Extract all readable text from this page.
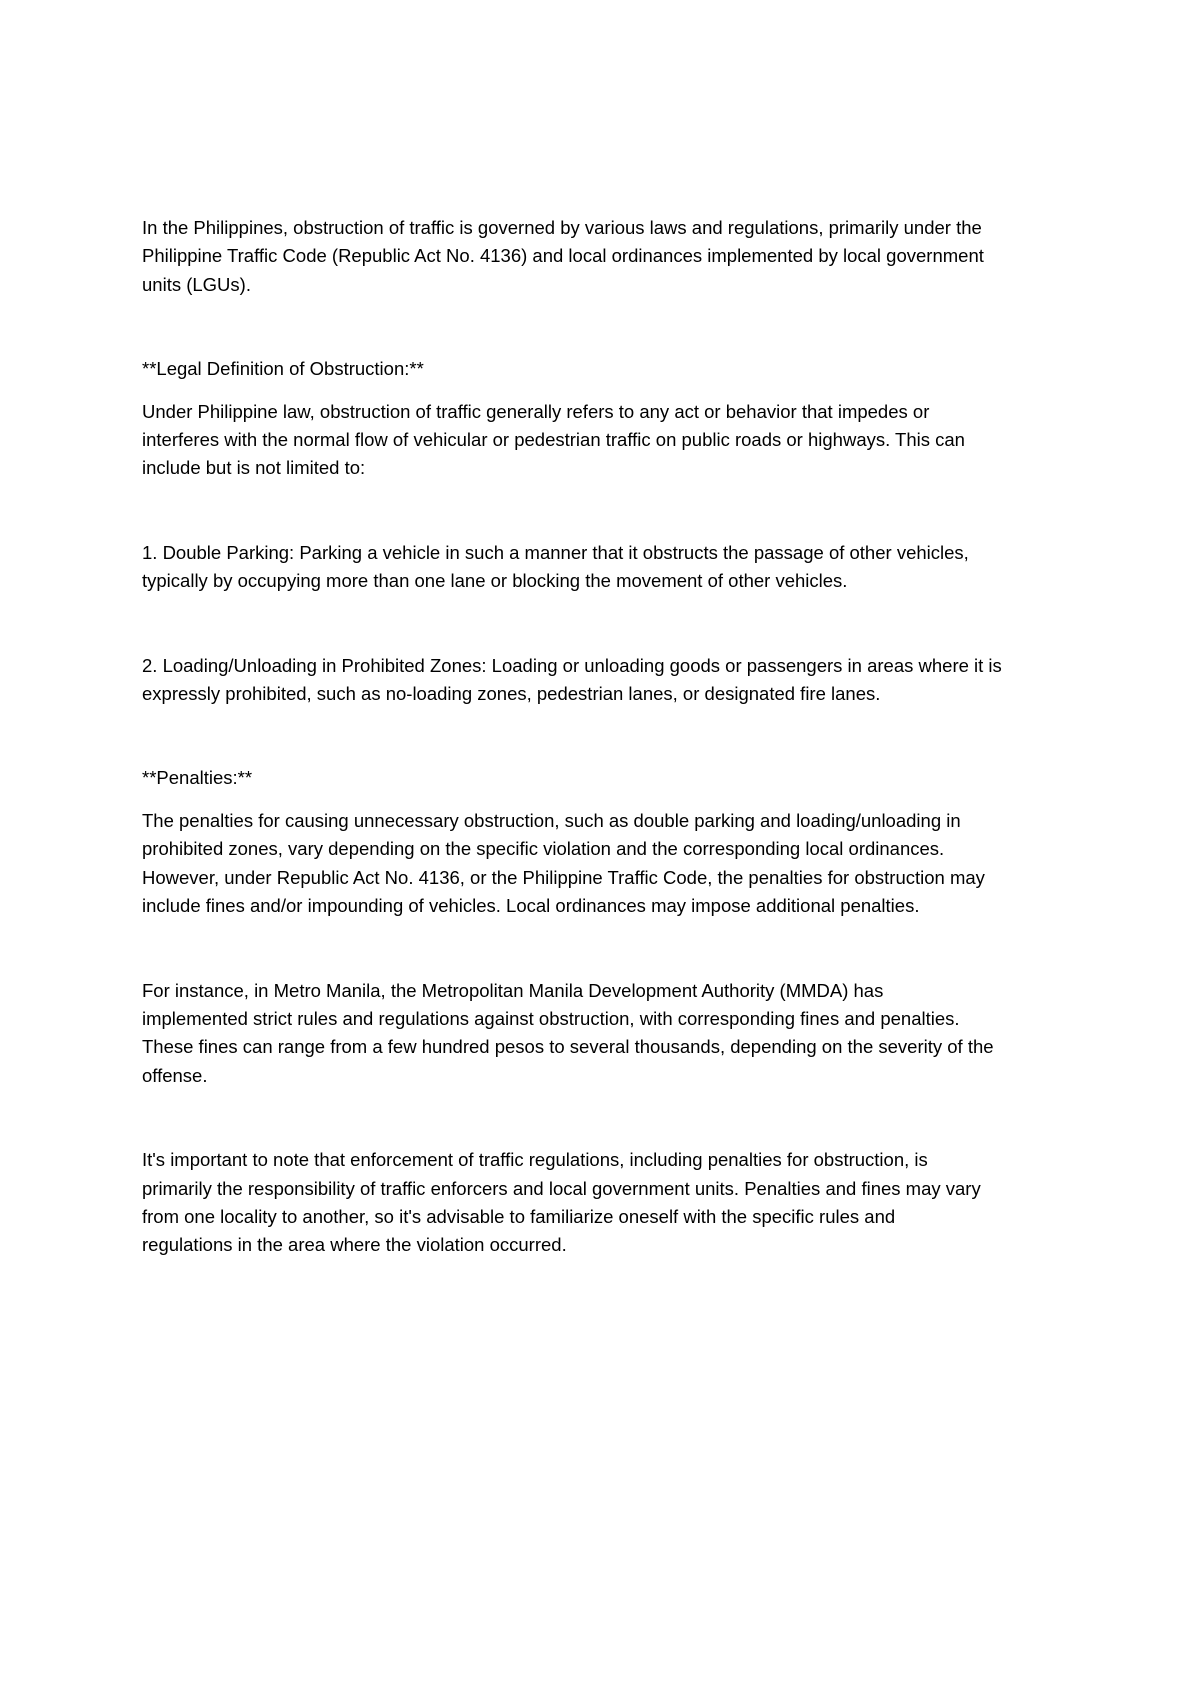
In the Philippines, obstruction of traffic is governed by various laws and regulations, primarily under the
Philippine Traffic Code (Republic Act No. 4136) and local ordinances implemented by local government
units (LGUs).

**Legal Definition of Obstruction:**

Under Philippine law, obstruction of traffic generally refers to any act or behavior that impedes or
interferes with the normal flow of vehicular or pedestrian traffic on public roads or highways. This can
include but is not limited to:

1. Double Parking: Parking a vehicle in such a manner that it obstructs the passage of other vehicles,
typically by occupying more than one lane or blocking the movement of other vehicles.

2. Loading/Unloading in Prohibited Zones: Loading or unloading goods or passengers in areas where it is
expressly prohibited, such as no-loading zones, pedestrian lanes, or designated fire lanes.

**Penalties:**

The penalties for causing unnecessary obstruction, such as double parking and loading/unloading in
prohibited zones, vary depending on the specific violation and the corresponding local ordinances.
However, under Republic Act No. 4136, or the Philippine Traffic Code, the penalties for obstruction may
include fines and/or impounding of vehicles. Local ordinances may impose additional penalties.

For instance, in Metro Manila, the Metropolitan Manila Development Authority (MMDA) has
implemented strict rules and regulations against obstruction, with corresponding fines and penalties.
These fines can range from a few hundred pesos to several thousands, depending on the severity of the
offense.

It's important to note that enforcement of traffic regulations, including penalties for obstruction, is
primarily the responsibility of traffic enforcers and local government units. Penalties and fines may vary
from one locality to another, so it's advisable to familiarize oneself with the specific rules and
regulations in the area where the violation occurred.
